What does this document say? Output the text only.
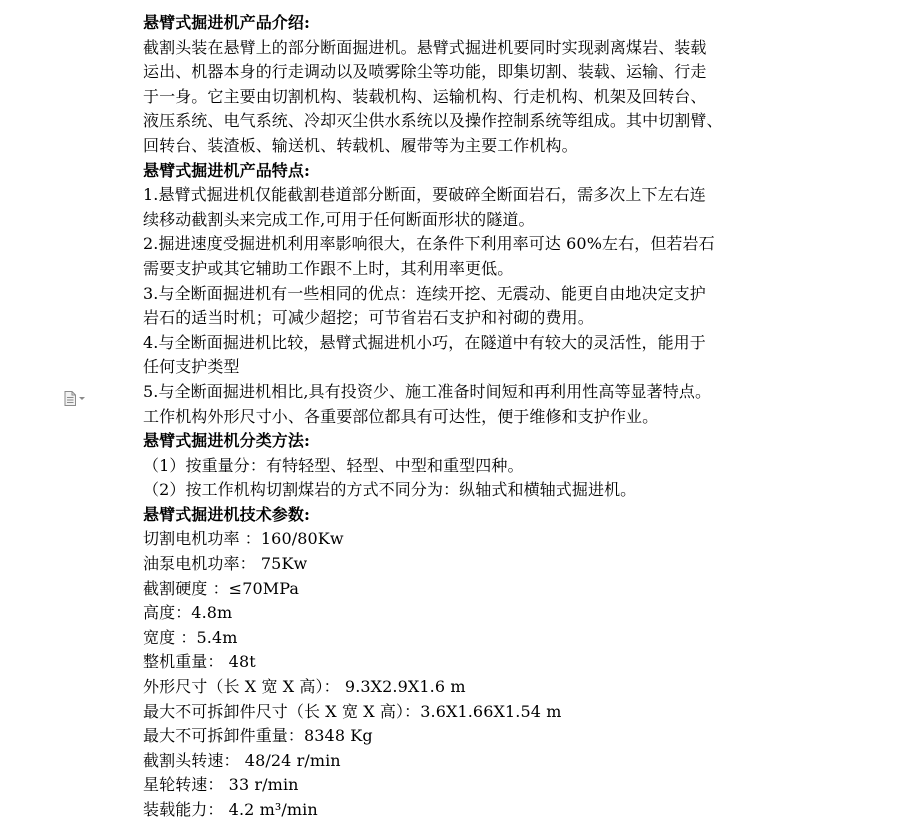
悬臂式掘进机产品介绍:
截割头装在悬臂上的部分断面掘进机。悬臂式掘进机要同时实现剥离煤岩、装载
运出、机器本身的行走调动以及喷雾除尘等功能，即集切割、装载、运输、行走
于一身。它主要由切割机构、装载机构、运输机构、行走机构、机架及回转台、
液压系统、电气系统、冷却灭尘供水系统以及操作控制系统等组成。其中切割臂、
回转台、装渣板、输送机、转载机、履带等为主要工作机构。
悬臂式掘进机产品特点:
1.悬臂式掘进机仅能截割巷道部分断面，要破碎全断面岩石，需多次上下左右连
续移动截割头来完成工作,可用于任何断面形状的隧道。
2.掘进速度受掘进机利用率影响很大，在条件下利用率可达 60%左右，但若岩石
需要支护或其它辅助工作跟不上时，其利用率更低。
3.与全断面掘进机有一些相同的优点：连续开挖、无震动、能更自由地决定支护
岩石的适当时机；可减少超挖；可节省岩石支护和衬砌的费用。
4.与全断面掘进机比较，悬臂式掘进机小巧，在隧道中有较大的灵活性，能用于
任何支护类型
5.与全断面掘进机相比,具有投资少、施工准备时间短和再利用性高等显著特点。
工作机构外形尺寸小、各重要部位都具有可达性，便于维修和支护作业。
悬臂式掘进机分类方法:
（1）按重量分：有特轻型、轻型、中型和重型四种。
（2）按工作机构切割煤岩的方式不同分为：纵轴式和横轴式掘进机。
悬臂式掘进机技术参数:
切割电机功率 ：160/80Kw
油泵电机功率： 75Kw
截割硬度 ：≤70MPa
高度：4.8m
宽度 ：5.4m
整机重量： 48t
外形尺寸（长 X 宽 X 高）： 9.3X2.9X1.6 m
最大不可拆卸件尺寸（长 X 宽 X 高）：3.6X1.66X1.54 m
最大不可拆卸件重量：8348 Kg
截割头转速： 48/24 r/min
星轮转速： 33 r/min
装载能力： 4.2 m³/min
